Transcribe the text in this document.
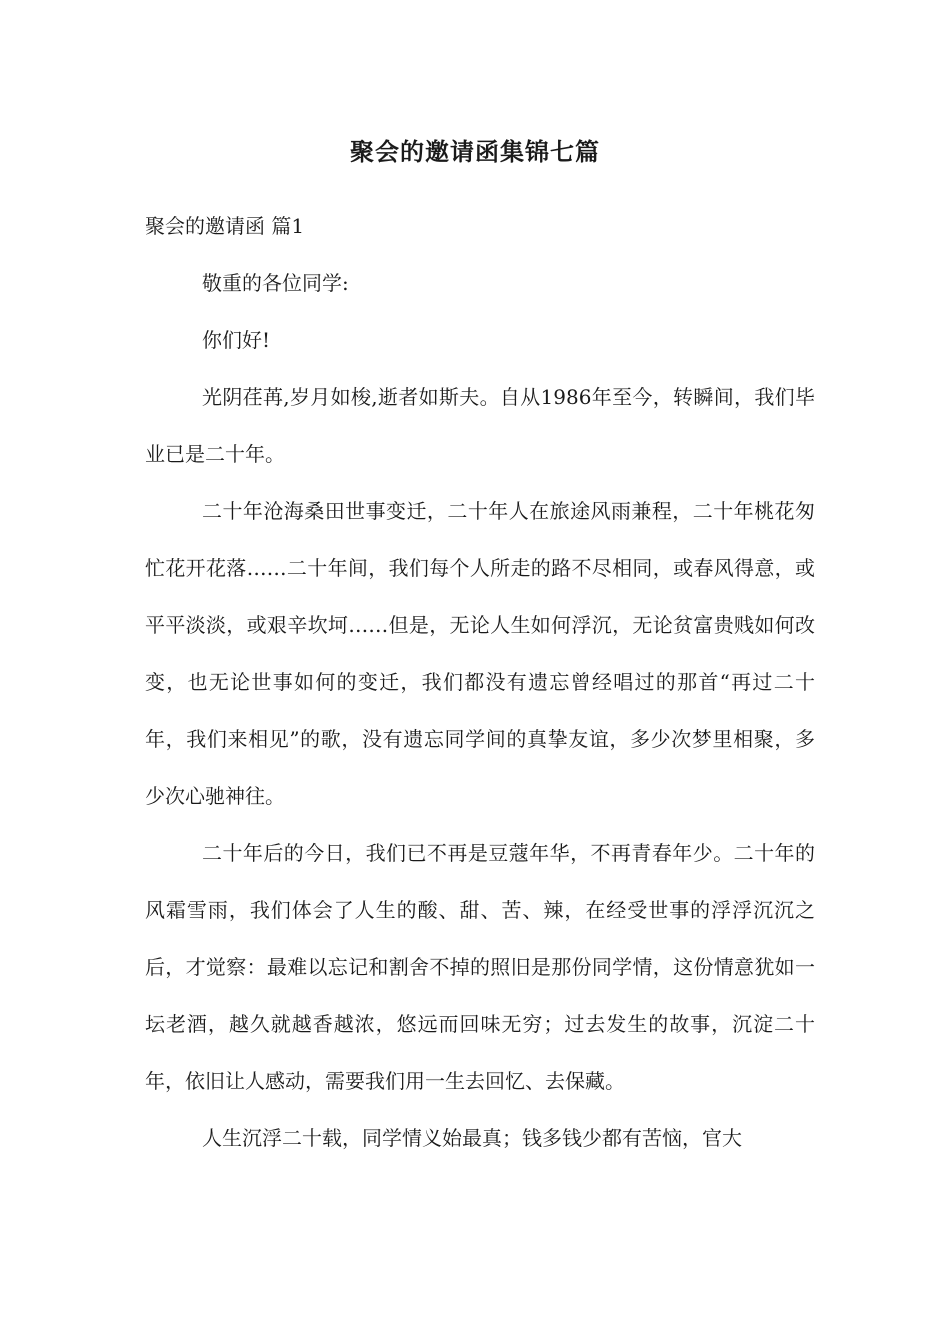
聚会的邀请函集锦七篇

聚会的邀请函 篇1

敬重的各位同学:

你们好!

光阴荏苒,岁月如梭,逝者如斯夫。自从1986年至今，转瞬间，我们毕业已是二十年。

二十年沧海桑田世事变迁，二十年人在旅途风雨兼程，二十年桃花匆忙花开花落……二十年间，我们每个人所走的路不尽相同，或春风得意，或平平淡淡，或艰辛坎坷……但是，无论人生如何浮沉，无论贫富贵贱如何改变，也无论世事如何的变迁，我们都没有遗忘曾经唱过的那首“再过二十年，我们来相见”的歌，没有遗忘同学间的真挚友谊，多少次梦里相聚，多少次心驰神往。

二十年后的今日，我们已不再是豆蔻年华，不再青春年少。二十年的风霜雪雨，我们体会了人生的酸、甜、苦、辣，在经受世事的浮浮沉沉之后，才觉察：最难以忘记和割舍不掉的照旧是那份同学情，这份情意犹如一坛老酒，越久就越香越浓，悠远而回味无穷；过去发生的故事，沉淀二十年，依旧让人感动，需要我们用一生去回忆、去保藏。

人生沉浮二十载，同学情义始最真；钱多钱少都有苦恼，官大
